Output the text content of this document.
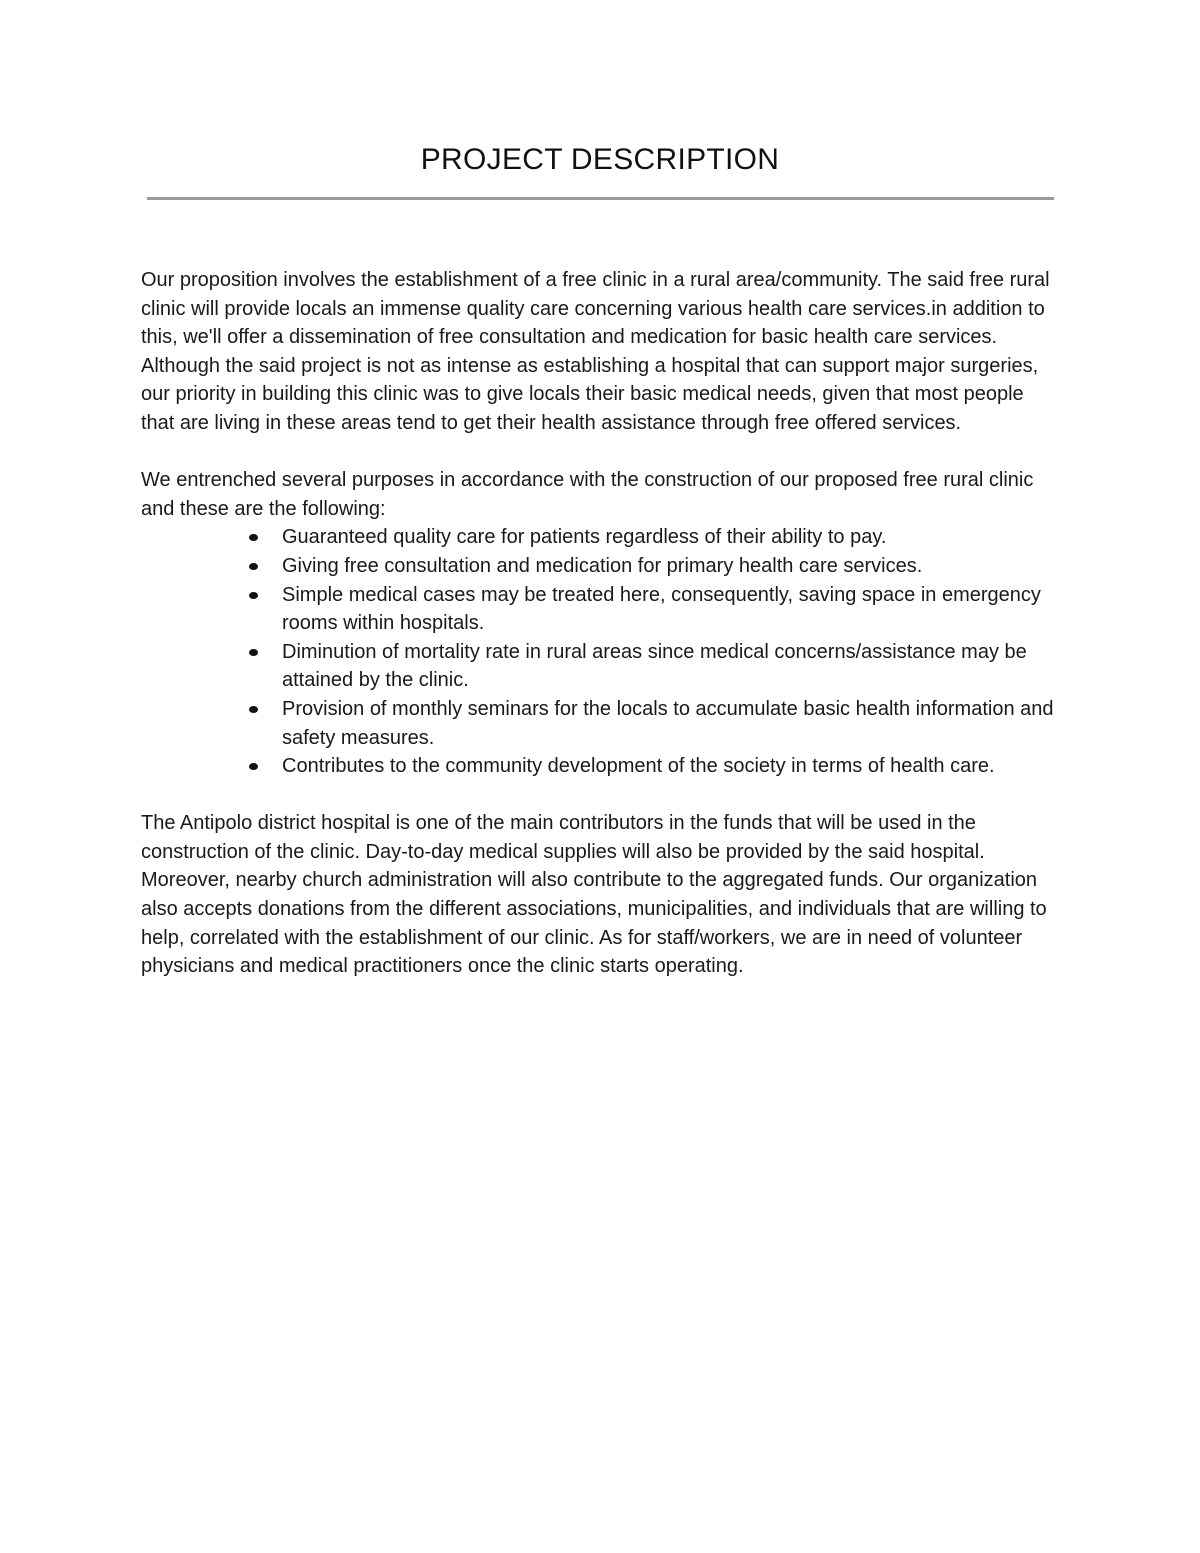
PROJECT DESCRIPTION

Our proposition involves the establishment of a free clinic in a rural area/community. The said free rural clinic will provide locals an immense quality care concerning various health care services.in addition to this, we'll offer a dissemination of free consultation and medication for basic health care services. Although the said project is not as intense as establishing a hospital that can support major surgeries, our priority in building this clinic was to give locals their basic medical needs, given that most people that are living in these areas tend to get their health assistance through free offered services.

We entrenched several purposes in accordance with the construction of our proposed free rural clinic and these are the following:

Guaranteed quality care for patients regardless of their ability to pay.
Giving free consultation and medication for primary health care services.
Simple medical cases may be treated here, consequently, saving space in emergency rooms within hospitals.
Diminution of mortality rate in rural areas since medical concerns/assistance may be attained by the clinic.
Provision of monthly seminars for the locals to accumulate basic health information and safety measures.
Contributes to the community development of the society in terms of health care.

The Antipolo district hospital is one of the main contributors in the funds that will be used in the construction of the clinic. Day-to-day medical supplies will also be provided by the said hospital. Moreover, nearby church administration will also contribute to the aggregated funds. Our organization also accepts donations from the different associations, municipalities, and individuals that are willing to help, correlated with the establishment of our clinic. As for staff/workers, we are in need of volunteer physicians and medical practitioners once the clinic starts operating.
